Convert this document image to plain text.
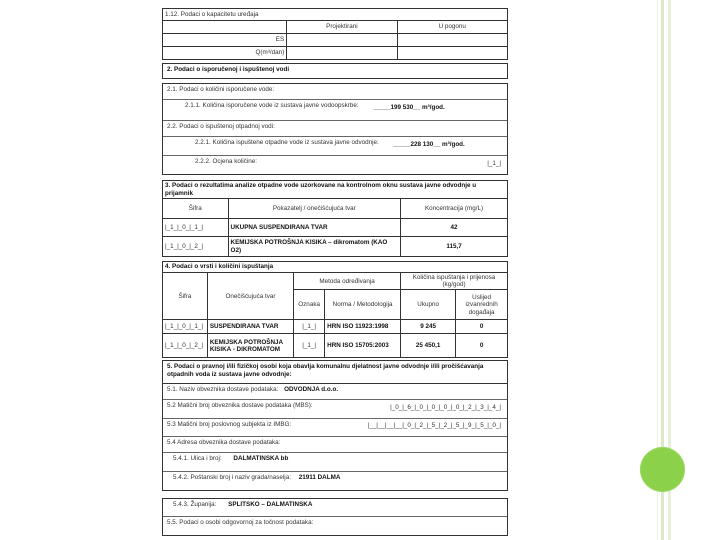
1.12. Podaci o kapacitetu uređaja		
	Projektirani	U pogonu
ES		
Q(m³/dan)		
2. Podaci o isporučenoj i ispuštenoj vodi
2.1. Podaci o količini isporučene vode:
2.1.1. Količina isporučene vode iz sustava javne vodoopskrbe: _____199 530__ m³/god.
2.2. Podaci o ispuštenoj otpadnoj vodi:
2.2.1. Količina ispuštene otpadne vode iz sustava javne odvodnje: _____228 130__ m³/god.
2.2.2. Ocjena količine:	|_1_|
3. Podaci o rezultatima analize otpadne vode uzorkovane na kontrolnom oknu sustava javne odvodnje u prijamnik		
Šifra	Pokazatelj / onečišćujuća tvar	Koncentracija (mg/L)
|_1_|_0_|_1_|	UKUPNA SUSPENDIRANA TVAR	42
|_1_|_0_|_2_|	KEMIJSKA POTROŠNJA KISIKA – dikromatom (KAO O2)	115,7
4. Podaci o vrsti i količini ispuštanja					
Šifra	Onečišćujuća tvar	Metoda određivanja		Količina ispuštanja i prijenosa (kg/god)	
		Oznaka	Norma / Metodologija	Ukupno	Uslijed izvanrednih događaja
|_1_|_0_|_1_|	SUSPENDIRANA TVAR	|_1_|	HRN ISO 11923:1998	9 245	0
|_1_|_0_|_2_|	KEMIJSKA POTROŠNJA KISIKA - DIKROMATOM	|_1_|	HRN ISO 15705:2003	25 450,1	0
5. Podaci o pravnoj i/ili fizičkoj osobi koja obavlja komunalnu djelatnost javne odvodnje i/ili pročišćavanja otpadnih voda iz sustava javne odvodnje:
5.1. Naziv obveznika dostave podataka: ODVODNJA d.o.o.
5.2 Matični broj obveznika dostave podataka (MBS):	|_0_|_6_|_0_|_0_|_0_|_0_|_2_|_3_|_4_|
5.3 Matični broj poslovnog subjekta iz IMBG:	|__|__|__|__|_0_|_2_|_5_|_2_|_5_|_9_|_5_|_0_|
5.4 Adresa obveznika dostave podataka:
5.4.1. Ulica i broj: DALMATINSKA bb
5.4.2. Poštanski broj i naziv grada/naselja: 21911 DALMA
5.4.3. Županija: SPLITSKO – DALMATINSKA
5.5. Podaci o osobi odgovornoj za točnost podataka:
